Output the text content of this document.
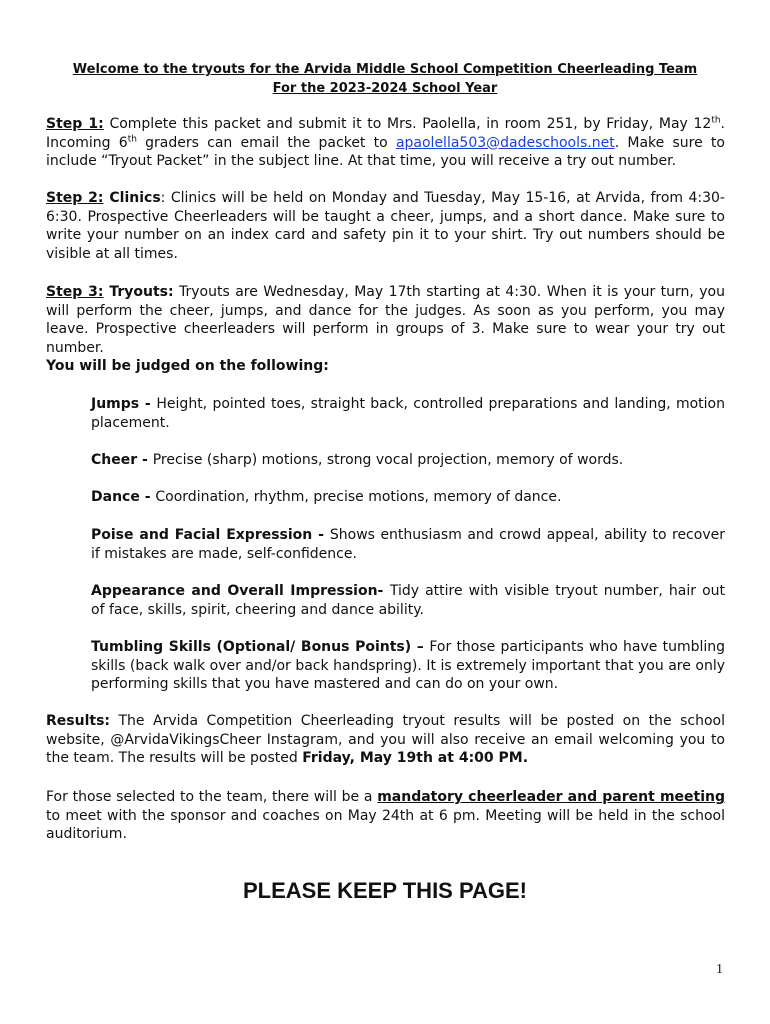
Welcome to the tryouts for the Arvida Middle School Competition Cheerleading Team
For the 2023-2024 School Year
Step 1: Complete this packet and submit it to Mrs. Paolella, in room 251, by Friday, May 12th. Incoming 6th graders can email the packet to apaolella503@dadeschools.net. Make sure to include “Tryout Packet” in the subject line. At that time, you will receive a try out number.
Step 2: Clinics: Clinics will be held on Monday and Tuesday, May 15-16, at Arvida, from 4:30-6:30. Prospective Cheerleaders will be taught a cheer, jumps, and a short dance. Make sure to write your number on an index card and safety pin it to your shirt. Try out numbers should be visible at all times.
Step 3: Tryouts: Tryouts are Wednesday, May 17th starting at 4:30. When it is your turn, you will perform the cheer, jumps, and dance for the judges. As soon as you perform, you may leave. Prospective cheerleaders will perform in groups of 3. Make sure to wear your try out number.
You will be judged on the following:
Jumps - Height, pointed toes, straight back, controlled preparations and landing, motion placement.
Cheer - Precise (sharp) motions, strong vocal projection, memory of words.
Dance - Coordination, rhythm, precise motions, memory of dance.
Poise and Facial Expression - Shows enthusiasm and crowd appeal, ability to recover if mistakes are made, self-confidence.
Appearance and Overall Impression- Tidy attire with visible tryout number, hair out of face, skills, spirit, cheering and dance ability.
Tumbling Skills (Optional/ Bonus Points) – For those participants who have tumbling skills (back walk over and/or back handspring). It is extremely important that you are only performing skills that you have mastered and can do on your own.
Results: The Arvida Competition Cheerleading tryout results will be posted on the school website, @ArvidaVikingsCheer Instagram, and you will also receive an email welcoming you to the team. The results will be posted Friday, May 19th at 4:00 PM.
For those selected to the team, there will be a mandatory cheerleader and parent meeting to meet with the sponsor and coaches on May 24th at 6 pm. Meeting will be held in the school auditorium.
PLEASE KEEP THIS PAGE!
1
